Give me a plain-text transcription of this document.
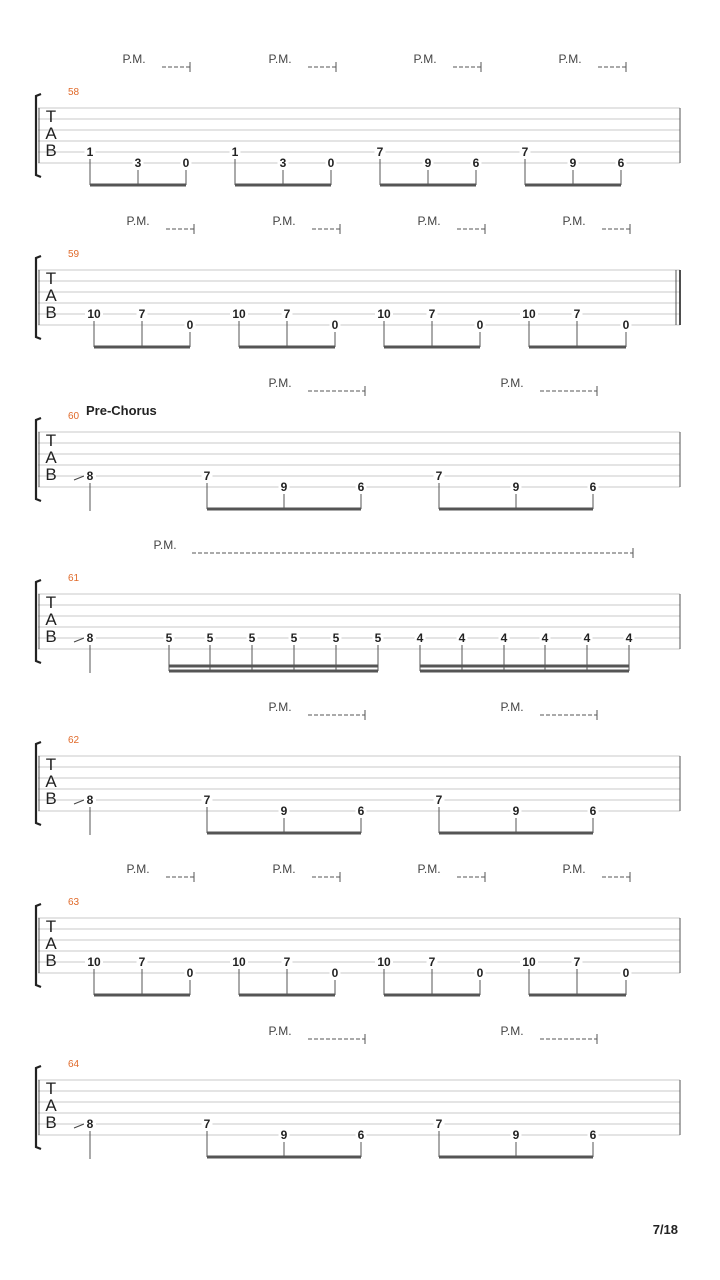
T
A
B
58
P.M.	P.M.	P.M.	P.M.
1
3	0
1
3	0
7
9	6
7
9	6
T
A
B
59
P.M.	P.M.	P.M.	P.M.
10	7
0
10	7
0
10	7
0
10	7
0
T
A
B
60 Pre-Chorus
P.M.	P.M.
8	7
9	6
7
9	6
T
A
B
61
P.M.
8	5	5	5	5	5	5	4	4	4	4	4	4
T
A
B
62
P.M.	P.M.
8	7
9	6
7
9	6
T
A
B
63
P.M.	P.M.	P.M.	P.M.
10	7
0
10	7
0
10	7
0
10	7
0
T
A
B
64
P.M.	P.M.
8	7
9	6
7
9	6
7/18
